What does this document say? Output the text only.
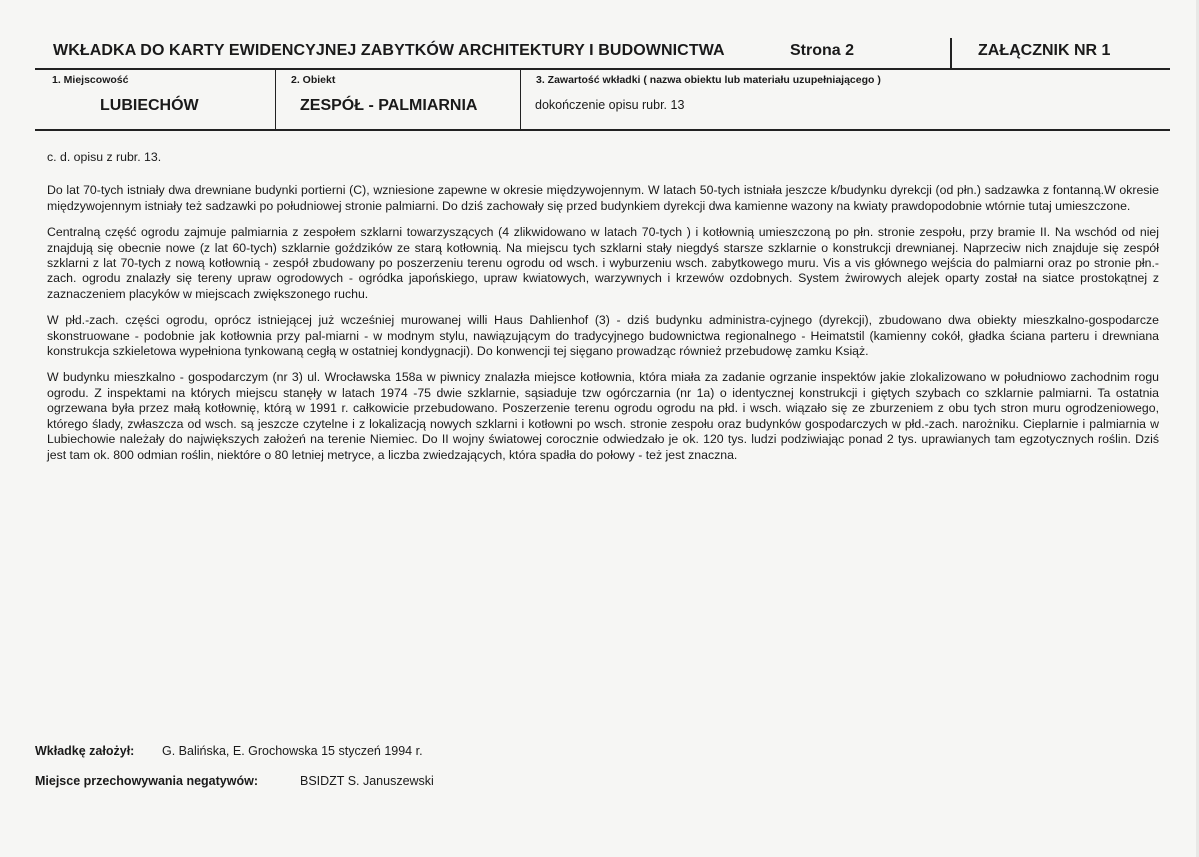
WKŁADKA DO KARTY EWIDENCYJNEJ ZABYTKÓW ARCHITEKTURY I BUDOWNICTWA	Strona 2	ZAŁĄCZNIK NR 1
1. Miejscowość
LUBIECHÓW
2. Obiekt
ZESPÓŁ - PALMIARNIA
3. Zawartość wkładki ( nazwa obiektu lub materiału uzupełniającego )
dokończenie opisu rubr. 13

c. d. opisu z rubr. 13.

Do lat 70-tych istniały dwa drewniane budynki portierni (C), wzniesione zapewne w okresie międzywojennym. W latach 50-tych istniała jeszcze k/budynku dyrekcji (od płn.) sadzawka z fontanną.W okresie międzywojennym istniały też sadzawki po południowej stronie palmiarni. Do dziś zachowały się przed budynkiem dyrekcji dwa kamienne wazony na kwiaty prawdopodobnie wtórnie tutaj umieszczone.

Centralną część ogrodu zajmuje palmiarnia z zespołem szklarni towarzyszących (4 zlikwidowano w latach 70-tych ) i kotłownią umieszczoną po płn. stronie zespołu, przy bramie II. Na wschód od niej znajdują się obecnie nowe (z lat 60-tych) szklarnie goździków ze starą kotłownią. Na miejscu tych szklarni stały niegdyś starsze szklarnie o konstrukcji drewnianej. Naprzeciw nich znajduje się zespół szklarni z lat 70-tych z nową kotłownią - zespół zbudowany po poszerzeniu terenu ogrodu od wsch. i wyburzeniu wsch. zabytkowego muru. Vis a vis głównego wejścia do palmiarni oraz po stronie płn.-zach. ogrodu znalazły się tereny upraw ogrodowych - ogródka japońskiego, upraw kwiatowych, warzywnych i krzewów ozdobnych. System żwirowych alejek oparty został na siatce prostokątnej z zaznaczeniem placyków w miejscach zwiększonego ruchu.

W płd.-zach. części ogrodu, oprócz istniejącej już wcześniej murowanej willi Haus Dahlienhof (3) - dziś budynku administra-cyjnego (dyrekcji), zbudowano dwa obiekty mieszkalno-gospodarcze skonstruowane - podobnie jak kotłownia przy pal-miarni - w modnym stylu, nawiązującym do tradycyjnego budownictwa regionalnego - Heimatstil (kamienny cokół, gładka ściana parteru i drewniana konstrukcja szkieletowa wypełniona tynkowaną cegłą w ostatniej kondygnacji). Do konwencji tej sięgano prowadząc również przebudowę zamku Książ.

W budynku mieszkalno - gospodarczym (nr 3) ul. Wrocławska 158a w piwnicy znalazła miejsce kotłownia, która miała za zadanie ogrzanie inspektów jakie zlokalizowano w południowo zachodnim rogu ogrodu. Z inspektami na których miejscu stanęły w latach 1974 -75 dwie szklarnie, sąsiaduje tzw ogórczarnia (nr 1a) o identycznej konstrukcji i giętych szybach co szklarnie palmiarni. Ta ostatnia ogrzewana była przez małą kotłownię, którą w 1991 r. całkowicie przebudowano. Poszerzenie terenu ogrodu ogrodu na płd. i wsch. wiązało się ze zburzeniem z obu tych stron muru ogrodzeniowego, którego ślady, zwłaszcza od wsch. są jeszcze czytelne i z lokalizacją nowych szklarni i kotłowni po wsch. stronie zespołu oraz budynków gospodarczych w płd.-zach. narożniku. Cieplarnie i palmiarnia w Lubiechowie należały do największych założeń na terenie Niemiec. Do II wojny światowej corocznie odwiedzało je ok. 120 tys. ludzi podziwiając ponad 2 tys. uprawianych tam egzotycznych roślin. Dziś jest tam ok. 800 odmian roślin, niektóre o 80 letniej metryce, a liczba zwiedzających, która spadła do połowy - też jest znaczna.

Wkładkę założył: G. Balińska, E. Grochowska 15 styczeń 1994 r.
Miejsce przechowywania negatywów:	BSIDZT S. Januszewski
